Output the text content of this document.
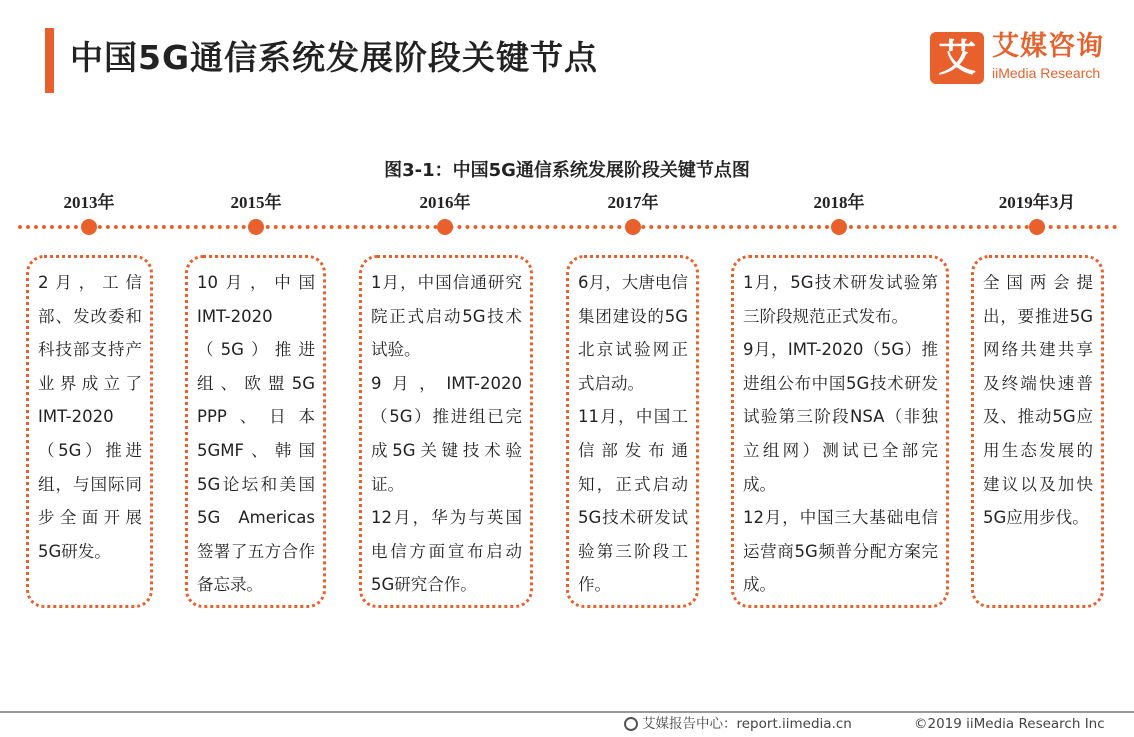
中国5G通信系统发展阶段关键节点	艾 艾媒咨询
iiMedia Research
图3-1：中国5G通信系统发展阶段关键节点图
2013年	2015年	2016年	2017年	2018年	2019年3月

2月，工信部、发改委和科技部支持产业界成立了IMT-2020（5G）推进组，与国际同步全面开展5G研发。

10月，中国IMT-2020（5G）推进组、欧盟5G PPP、日本5GMF、韩国5G论坛和美国5G Americas签署了五方合作备忘录。

1月，中国信通研究院正式启动5G技术试验。

9月，IMT-2020（5G）推进组已完成5G关键技术验证。

12月，华为与英国电信方面宣布启动5G研究合作。

6月，大唐电信集团建设的5G北京试验网正式启动。

11月，中国工信部发布通知，正式启动5G技术研发试验第三阶段工作。

1月，5G技术研发试验第三阶段规范正式发布。

9月，IMT-2020（5G）推进组公布中国5G技术研发试验第三阶段NSA（非独立组网）测试已全部完成。

12月，中国三大基础电信运营商5G频普分配方案完成。

全国两会提出，要推进5G网络共建共享及终端快速普及、推动5G应用生态发展的建议以及加快5G应用步伐。

艾媒报告中心：report.iimedia.cn	©2019 iiMedia Research Inc
